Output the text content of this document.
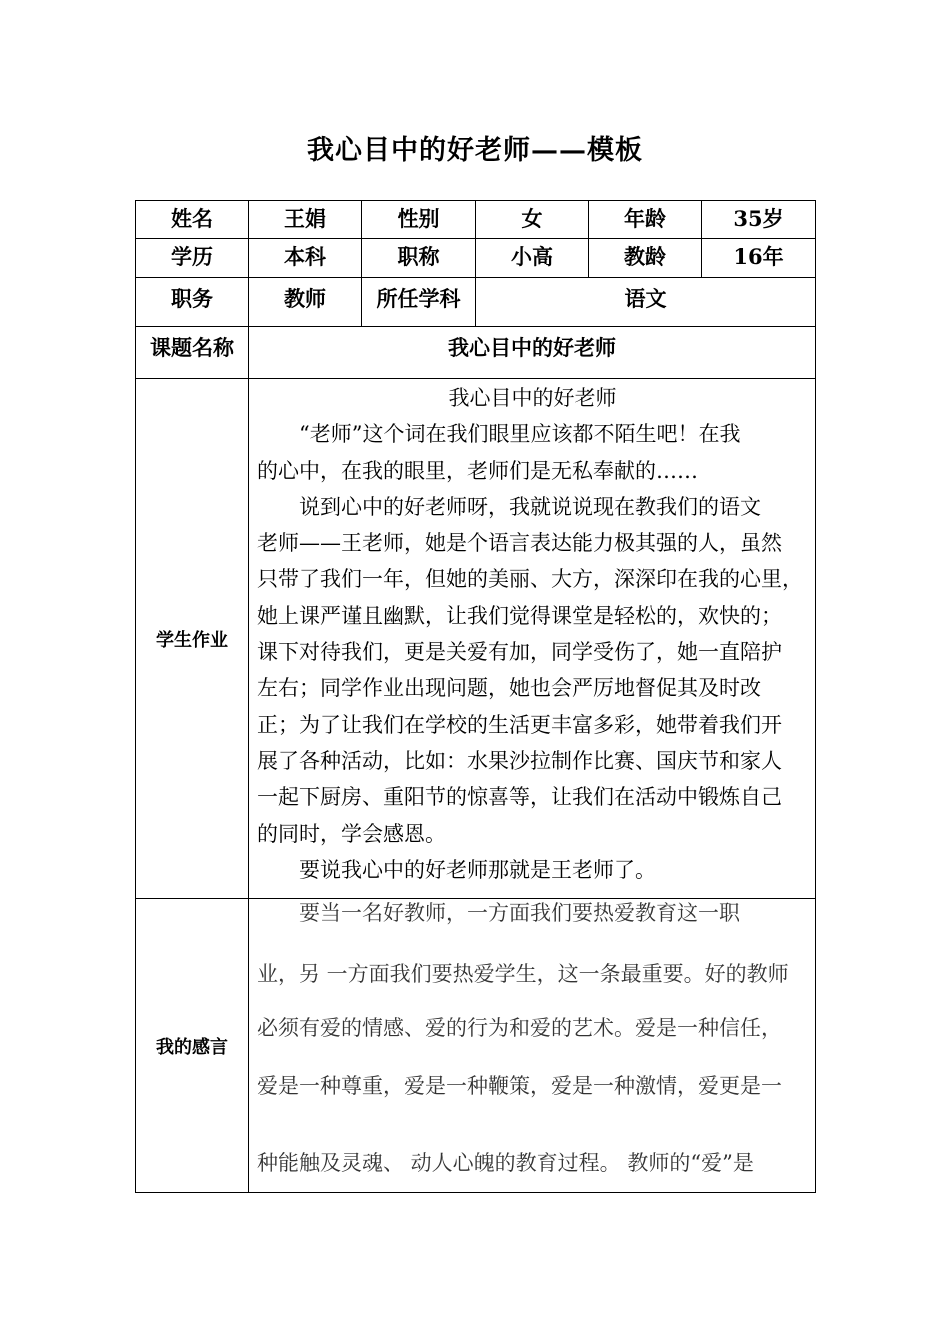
我心目中的好老师——模板
姓名	王娟	性别	女	年龄	35岁
学历	本科	职称	小高	教龄	16年
职务	教师	所任学科	语文
课题名称	我心目中的好老师
学生作业
我心目中的好老师
　　“老师”这个词在我们眼里应该都不陌生吧！在我
的心中，在我的眼里，老师们是无私奉献的……
　　说到心中的好老师呀，我就说说现在教我们的语文
老师——王老师，她是个语言表达能力极其强的人，虽然
只带了我们一年，但她的美丽、大方，深深印在我的心里，
她上课严谨且幽默，让我们觉得课堂是轻松的，欢快的；
课下对待我们，更是关爱有加，同学受伤了，她一直陪护
左右；同学作业出现问题，她也会严厉地督促其及时改
正；为了让我们在学校的生活更丰富多彩，她带着我们开
展了各种活动，比如：水果沙拉制作比赛、国庆节和家人
一起下厨房、重阳节的惊喜等，让我们在活动中锻炼自己
的同时，学会感恩。
　　要说我心中的好老师那就是王老师了。
我的感言
　　要当一名好教师，一方面我们要热爱教育这一职
业，另 一方面我们要热爱学生，这一条最重要。好的教师
必须有爱的情感、爱的行为和爱的艺术。爱是一种信任，
爱是一种尊重，爱是一种鞭策，爱是一种激情，爱更是一
种能触及灵魂、 动人心魄的教育过程。 教师的“爱”是
